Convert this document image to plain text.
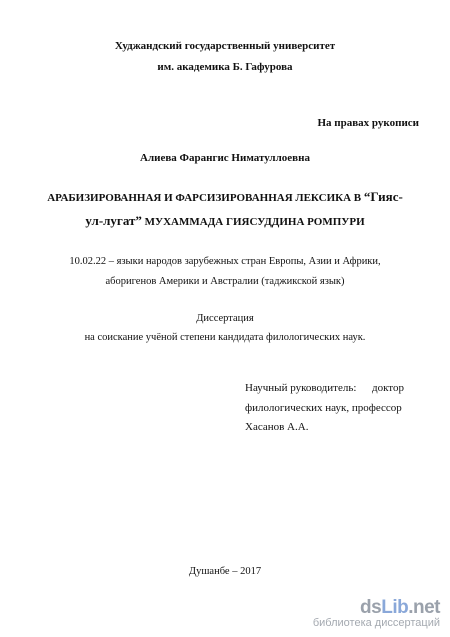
Худжандский государственный университет
им. академика Б. Гафурова
На правах рукописи
Алиева Фарангис Ниматуллоевна
АРАБИЗИРОВАННАЯ И ФАРСИЗИРОВАННАЯ ЛЕКСИКА В “Гияс-
ул-лугат” МУХАММАДА ГИЯСУДДИНА РОМПУРИ
10.02.22 – языки народов зарубежных стран Европы, Азии и Африки,
аборигенов Америки и Австралии (таджикской язык)
Диссертация
на соискание учёной степени кандидата филологических наук.
Научный руководитель: доктор
филологических наук, профессор
Хасанов А.А.
Душанбе – 2017
dsLib.net
библиотека диссертаций
